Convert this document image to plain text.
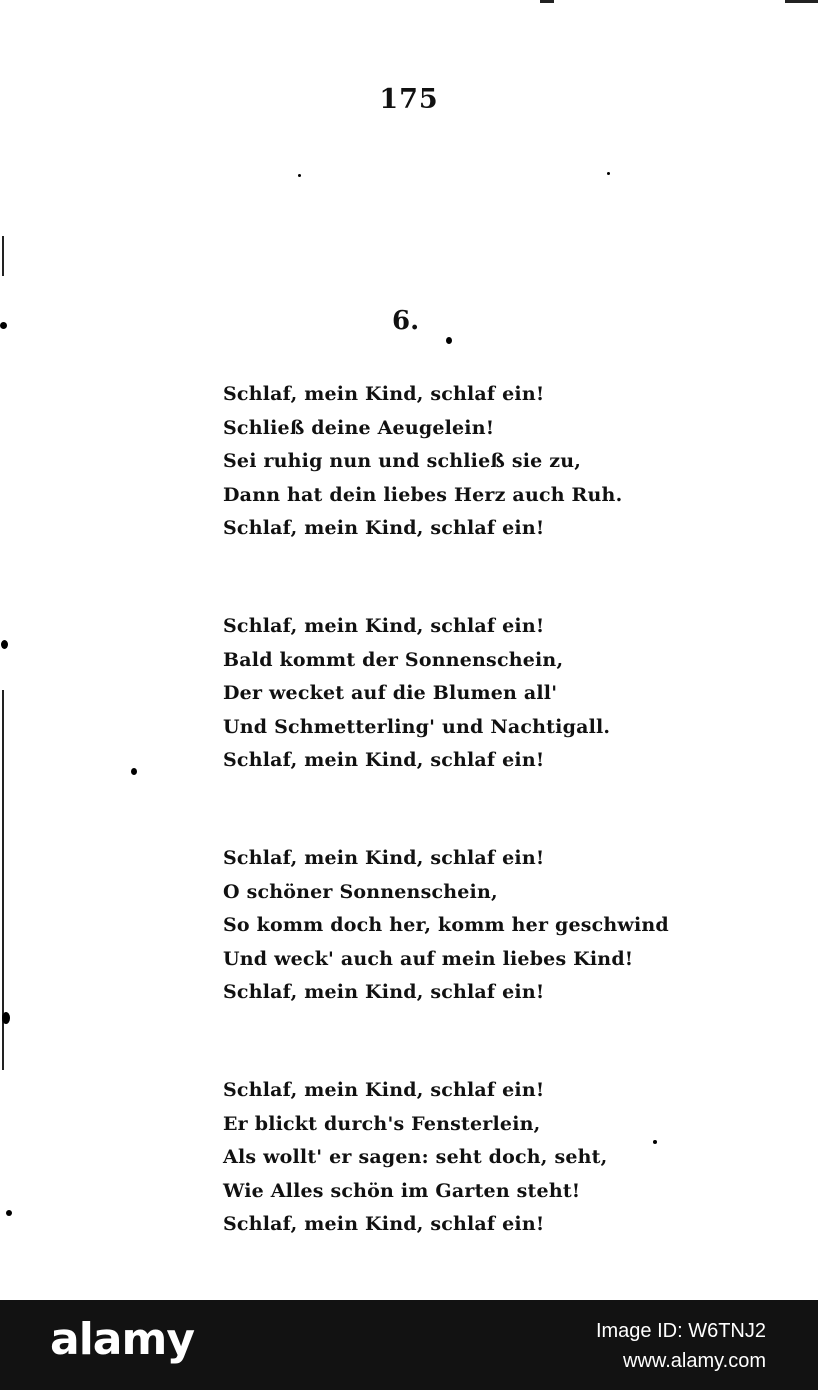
175
6.
Schlaf, mein Kind, schlaf ein!
Schließ deine Aeugelein!
Sei ruhig nun und schließ sie zu,
Dann hat dein liebes Herz auch Ruh.
Schlaf, mein Kind, schlaf ein!
Schlaf, mein Kind, schlaf ein!
Bald kommt der Sonnenschein,
Der wecket auf die Blumen all'
Und Schmetterling' und Nachtigall.
Schlaf, mein Kind, schlaf ein!
Schlaf, mein Kind, schlaf ein!
O schöner Sonnenschein,
So komm doch her, komm her geschwind
Und weck' auch auf mein liebes Kind!
Schlaf, mein Kind, schlaf ein!
Schlaf, mein Kind, schlaf ein!
Er blickt durch's Fensterlein,
Als wollt' er sagen: seht doch, seht,
Wie Alles schön im Garten steht!
Schlaf, mein Kind, schlaf ein!
alamy	Image ID: W6TNJ2
www.alamy.com
